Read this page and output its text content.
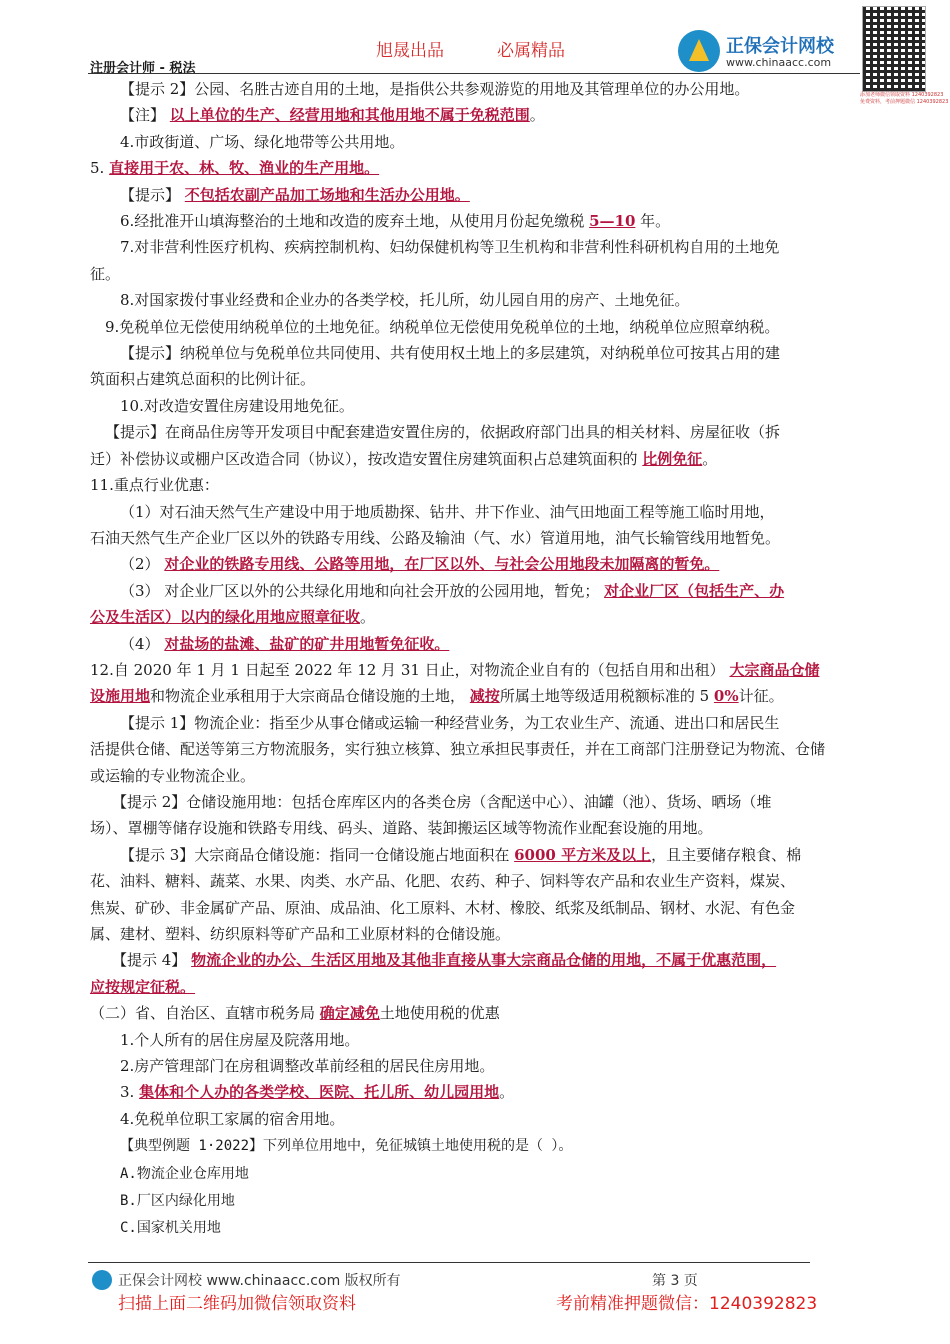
注册会计师 - 税法
旭晟出品	必属精品	正保会计网校
www.chinaacc.com
添加老师微信领取资料 1240392823
免费资料，考前押题微信 1240392823
【提示 2】公园、名胜古迹自用的土地，是指供公共参观游览的用地及其管理单位的办公用地。
【注】 以上单位的生产、经营用地和其他用地不属于免税范围。
4.市政街道、广场、绿化地带等公共用地。
5. 直接用于农、林、牧、渔业的生产用地。
【提示】 不包括农副产品加工场地和生活办公用地。
6.经批准开山填海整治的土地和改造的废弃土地，从使用月份起免缴税 5—10 年。
7.对非营利性医疗机构、疾病控制机构、妇幼保健机构等卫生机构和非营利性科研机构自用的土地免
征。
8.对国家拨付事业经费和企业办的各类学校，托儿所，幼儿园自用的房产、土地免征。
9.免税单位无偿使用纳税单位的土地免征。纳税单位无偿使用免税单位的土地，纳税单位应照章纳税。
【提示】纳税单位与免税单位共同使用、共有使用权土地上的多层建筑，对纳税单位可按其占用的建
筑面积占建筑总面积的比例计征。
10.对改造安置住房建设用地免征。
【提示】在商品住房等开发项目中配套建造安置住房的，依据政府部门出具的相关材料、房屋征收（拆
迁）补偿协议或棚户区改造合同（协议），按改造安置住房建筑面积占总建筑面积的 比例免征。
11.重点行业优惠：
（1）对石油天然气生产建设中用于地质勘探、钻井、井下作业、油气田地面工程等施工临时用地，
石油天然气生产企业厂区以外的铁路专用线、公路及输油（气、水）管道用地，油气长输管线用地暂免。
（2） 对企业的铁路专用线、公路等用地，在厂区以外、与社会公用地段未加隔离的暂免。
（3） 对企业厂区以外的公共绿化用地和向社会开放的公园用地，暂免； 对企业厂区（包括生产、办
公及生活区）以内的绿化用地应照章征收。
（4） 对盐场的盐滩、盐矿的矿井用地暂免征收。
12.自 2020 年 1 月 1 日起至 2022 年 12 月 31 日止，对物流企业自有的（包括自用和出租） 大宗商品仓储
设施用地和物流企业承租用于大宗商品仓储设施的土地， 减按所属土地等级适用税额标准的 5 0%计征。
【提示 1】物流企业：指至少从事仓储或运输一种经营业务，为工农业生产、流通、进出口和居民生
活提供仓储、配送等第三方物流服务，实行独立核算、独立承担民事责任，并在工商部门注册登记为物流、仓储
或运输的专业物流企业。
【提示 2】仓储设施用地：包括仓库库区内的各类仓房（含配送中心）、油罐（池）、货场、晒场（堆
场）、罩棚等储存设施和铁路专用线、码头、道路、装卸搬运区域等物流作业配套设施的用地。
【提示 3】大宗商品仓储设施：指同一仓储设施占地面积在 6000 平方米及以上，且主要储存粮食、棉
花、油料、糖料、蔬菜、水果、肉类、水产品、化肥、农药、种子、饲料等农产品和农业生产资料，煤炭、
焦炭、矿砂、非金属矿产品、原油、成品油、化工原料、木材、橡胶、纸浆及纸制品、钢材、水泥、有色金
属、建材、塑料、纺织原料等矿产品和工业原材料的仓储设施。
【提示 4】 物流企业的办公、生活区用地及其他非直接从事大宗商品仓储的用地，不属于优惠范围，
应按规定征税。
（二）省、自治区、直辖市税务局 确定减免土地使用税的优惠
1.个人所有的居住房屋及院落用地。
2.房产管理部门在房租调整改革前经租的居民住房用地。
3. 集体和个人办的各类学校、医院、托儿所、幼儿园用地。
4.免税单位职工家属的宿舍用地。
【典型例题 1·2022】下列单位用地中，免征城镇土地使用税的是（ ）。
A.物流企业仓库用地
B.厂区内绿化用地
C.国家机关用地
正保会计网校 www.chinaacc.com 版权所有	第 3 页
扫描上面二维码加微信领取资料	考前精准押题微信：1240392823
